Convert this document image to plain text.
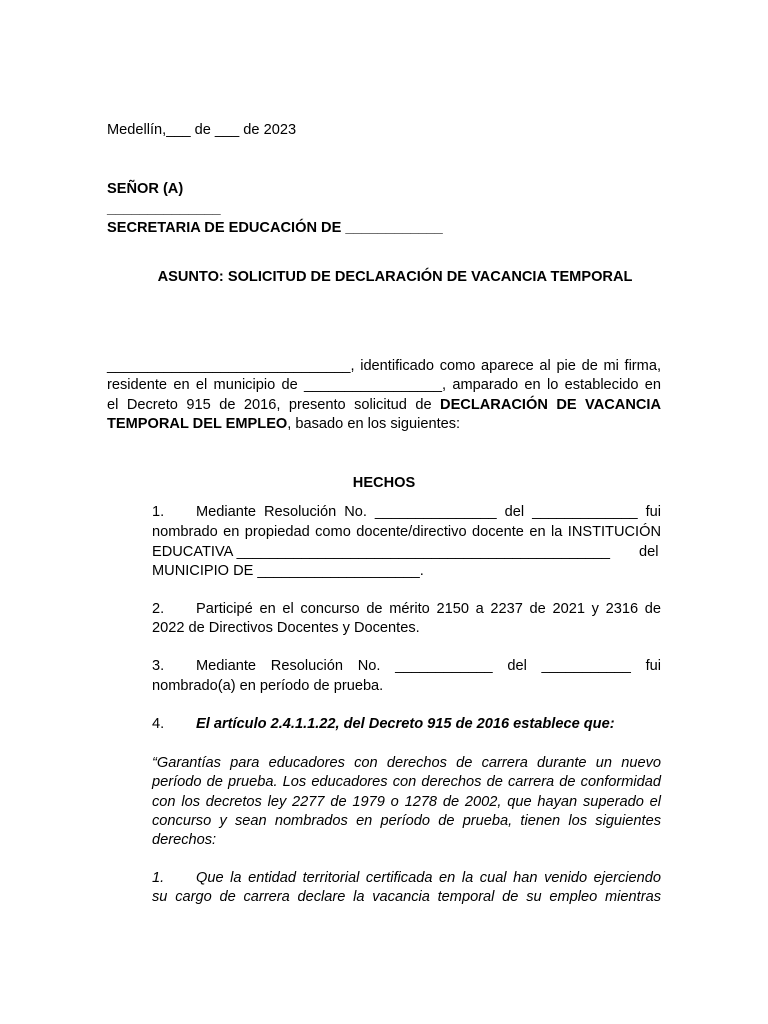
Medellín,___ de ___ de 2023
SEÑOR (A)
______________
SECRETARIA DE EDUCACIÓN DE ____________
ASUNTO: SOLICITUD DE DECLARACIÓN DE VACANCIA TEMPORAL
______________________________, identificado como aparece al pie de mi firma,
residente en el municipio de _________________, amparado en lo establecido en
el Decreto 915 de 2016, presento solicitud de DECLARACIÓN DE VACANCIA
TEMPORAL DEL EMPLEO, basado en los siguientes:
HECHOS
1. Mediante Resolución No. _______________ del _____________ fui
nombrado en propiedad como docente/directivo docente en la INSTITUCIÓN
EDUCATIVA ______________________________________________ del
MUNICIPIO DE ____________________.
2. Participé en el concurso de mérito 2150 a 2237 de 2021 y 2316 de
2022 de Directivos Docentes y Docentes.
3. Mediante Resolución No. ____________ del ___________ fui
nombrado(a) en período de prueba.
4. El artículo 2.4.1.1.22, del Decreto 915 de 2016 establece que:
“Garantías para educadores con derechos de carrera durante un nuevo
período de prueba. Los educadores con derechos de carrera de conformidad
con los decretos ley 2277 de 1979 o 1278 de 2002, que hayan superado el
concurso y sean nombrados en período de prueba, tienen los siguientes
derechos:
1. Que la entidad territorial certificada en la cual han venido ejerciendo
su cargo de carrera declare la vacancia temporal de su empleo mientras
